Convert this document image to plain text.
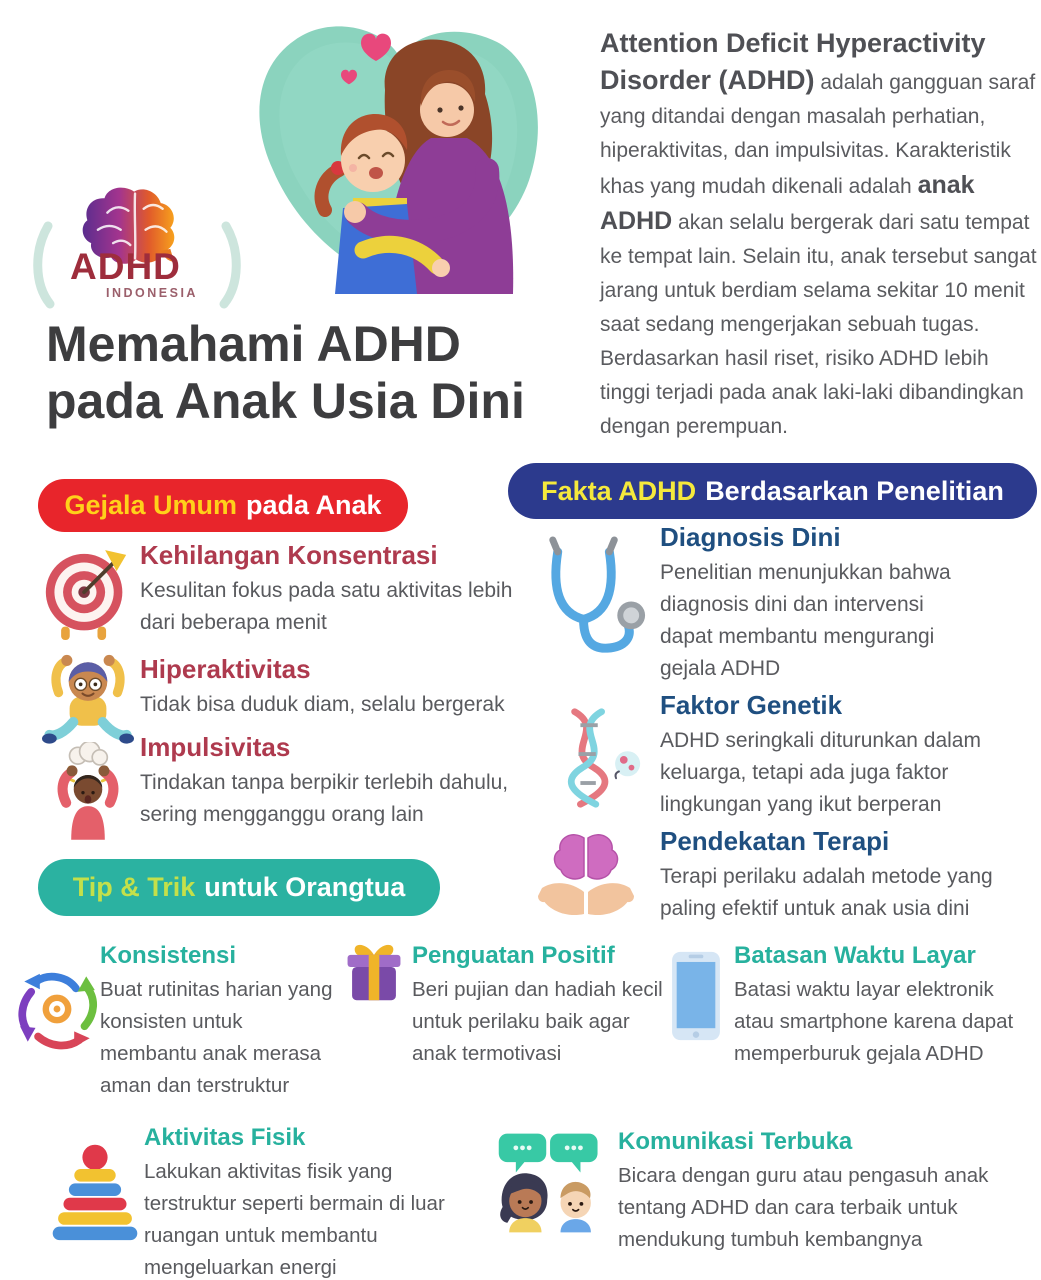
ADHD
INDONESIA

Attention Deficit Hyperactivity Disorder (ADHD) adalah gangguan saraf yang ditandai dengan masalah perhatian, hiperaktivitas, dan impulsivitas. Karakteristik khas yang mudah dikenali adalah anak ADHD akan selalu bergerak dari satu tempat ke tempat lain. Selain itu, anak tersebut sangat jarang untuk berdiam selama sekitar 10 menit saat sedang mengerjakan sebuah tugas. Berdasarkan hasil riset, risiko ADHD lebih tinggi terjadi pada anak laki-laki dibandingkan dengan perempuan.

Memahami ADHD
pada Anak Usia Dini
Gejala Umum pada Anak	Fakta ADHD Berdasarkan Penelitian
Tip & Trik untuk Orangtua
Kehilangan Konsentrasi

Kesulitan fokus pada satu aktivitas lebih dari beberapa menit

Hiperaktivitas

Tidak bisa duduk diam, selalu bergerak

Impulsivitas

Tindakan tanpa berpikir terlebih dahulu, sering mengganggu orang lain

Diagnosis Dini

Penelitian menunjukkan bahwa diagnosis dini dan intervensi dapat membantu mengurangi gejala ADHD

Faktor Genetik

ADHD seringkali diturunkan dalam keluarga, tetapi ada juga faktor lingkungan yang ikut berperan

Pendekatan Terapi

Terapi perilaku adalah metode yang paling efektif untuk anak usia dini

Konsistensi

Buat rutinitas harian yang konsisten untuk membantu anak merasa aman dan terstruktur

Penguatan Positif

Beri pujian dan hadiah kecil untuk perilaku baik agar anak termotivasi

Batasan Waktu Layar

Batasi waktu layar elektronik atau smartphone karena dapat memperburuk gejala ADHD

Aktivitas Fisik

Lakukan aktivitas fisik yang terstruktur seperti bermain di luar ruangan untuk membantu mengeluarkan energi

Komunikasi Terbuka

Bicara dengan guru atau pengasuh anak tentang ADHD dan cara terbaik untuk mendukung tumbuh kembangnya
